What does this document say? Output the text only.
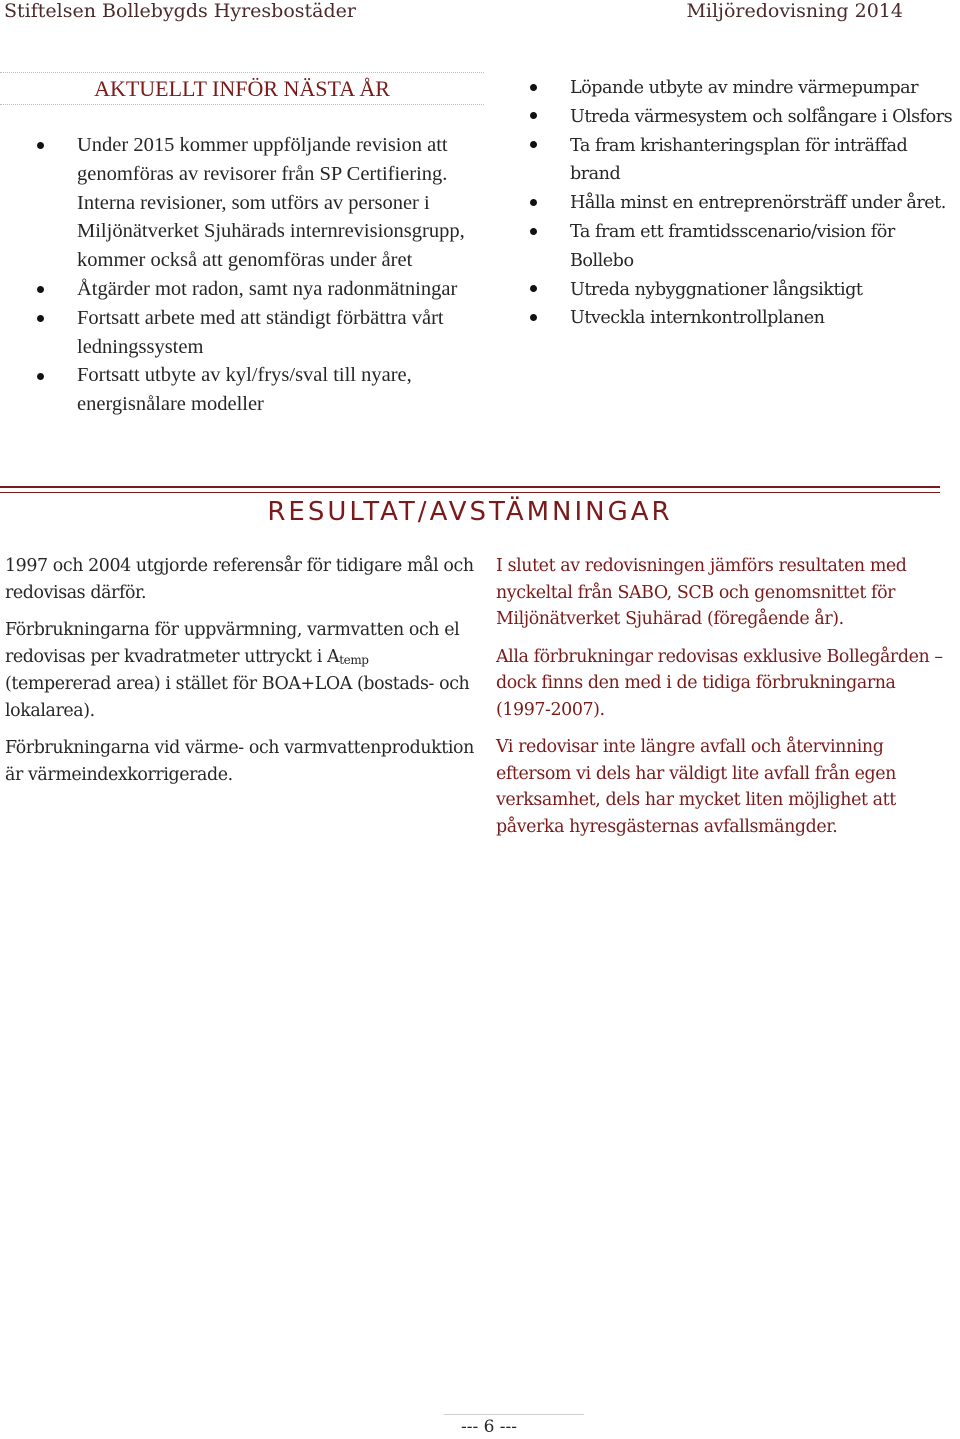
Stiftelsen Bollebygds Hyresbostäder	Miljöredovisning 2014
AKTUELLT INFÖR NÄSTA ÅR
Under 2015 kommer uppföljande revision att genomföras av revisorer från SP Certifiering. Interna revisioner, som utförs av personer i Miljönätverket Sjuhärads internrevisionsgrupp, kommer också att genomföras under året
Åtgärder mot radon, samt nya radonmätningar
Fortsatt arbete med att ständigt förbättra vårt ledningssystem
Fortsatt utbyte av kyl/frys/sval till nyare, energisnålare modeller
Löpande utbyte av mindre värmepumpar
Utreda värmesystem och solfångare i Olsfors
Ta fram krishanteringsplan för inträffad brand
Hålla minst en entreprenörsträff under året.
Ta fram ett framtidsscenario/vision för Bollebo
Utreda nybyggnationer långsiktigt
Utveckla internkontrollplanen
RESULTAT/AVSTÄMNINGAR

1997 och 2004 utgjorde referensår för tidigare mål och redovisas därför.

Förbrukningarna för uppvärmning, varmvatten och el redovisas per kvadratmeter uttryckt i $A_{temp}$ (tempererad area) i stället för BOA+LOA (bostads- och lokalarea).

Förbrukningarna vid värme- och varmvattenproduktion är värmeindexkorrigerade.

I slutet av redovisningen jämförs resultaten med nyckeltal från SABO, SCB och genomsnittet för Miljönätverket Sjuhärad (föregående år).

Alla förbrukningar redovisas exklusive Bollegården – dock finns den med i de tidiga förbrukningarna (1997-2007).

Vi redovisar inte längre avfall och återvinning eftersom vi dels har väldigt lite avfall från egen verksamhet, dels har mycket liten möjlighet att påverka hyresgästernas avfallsmängder.

--- 6 ---
